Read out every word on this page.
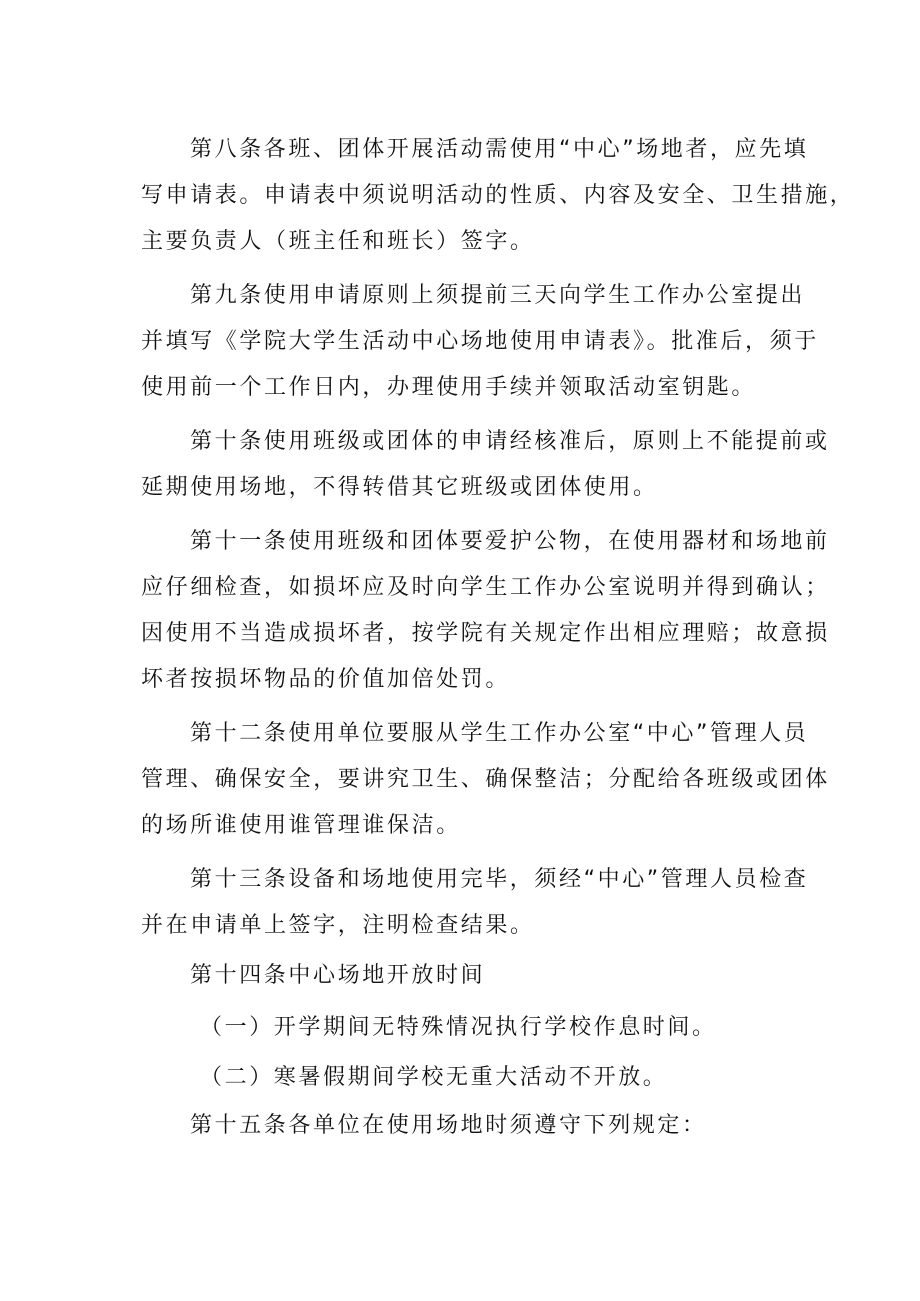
第八条各班、团体开展活动需使用“中心”场地者，应先填
写申请表。申请表中须说明活动的性质、内容及安全、卫生措施，
主要负责人（班主任和班长）签字。
第九条使用申请原则上须提前三天向学生工作办公室提出
并填写《学院大学生活动中心场地使用申请表》。批准后，须于
使用前一个工作日内，办理使用手续并领取活动室钥匙。
第十条使用班级或团体的申请经核准后，原则上不能提前或
延期使用场地，不得转借其它班级或团体使用。
第十一条使用班级和团体要爱护公物，在使用器材和场地前
应仔细检查，如损坏应及时向学生工作办公室说明并得到确认；
因使用不当造成损坏者，按学院有关规定作出相应理赔；故意损
坏者按损坏物品的价值加倍处罚。
第十二条使用单位要服从学生工作办公室“中心”管理人员
管理、确保安全，要讲究卫生、确保整洁；分配给各班级或团体
的场所谁使用谁管理谁保洁。
第十三条设备和场地使用完毕，须经“中心”管理人员检查
并在申请单上签字，注明检查结果。
第十四条中心场地开放时间
（一）开学期间无特殊情况执行学校作息时间。
（二）寒暑假期间学校无重大活动不开放。
第十五条各单位在使用场地时须遵守下列规定：
